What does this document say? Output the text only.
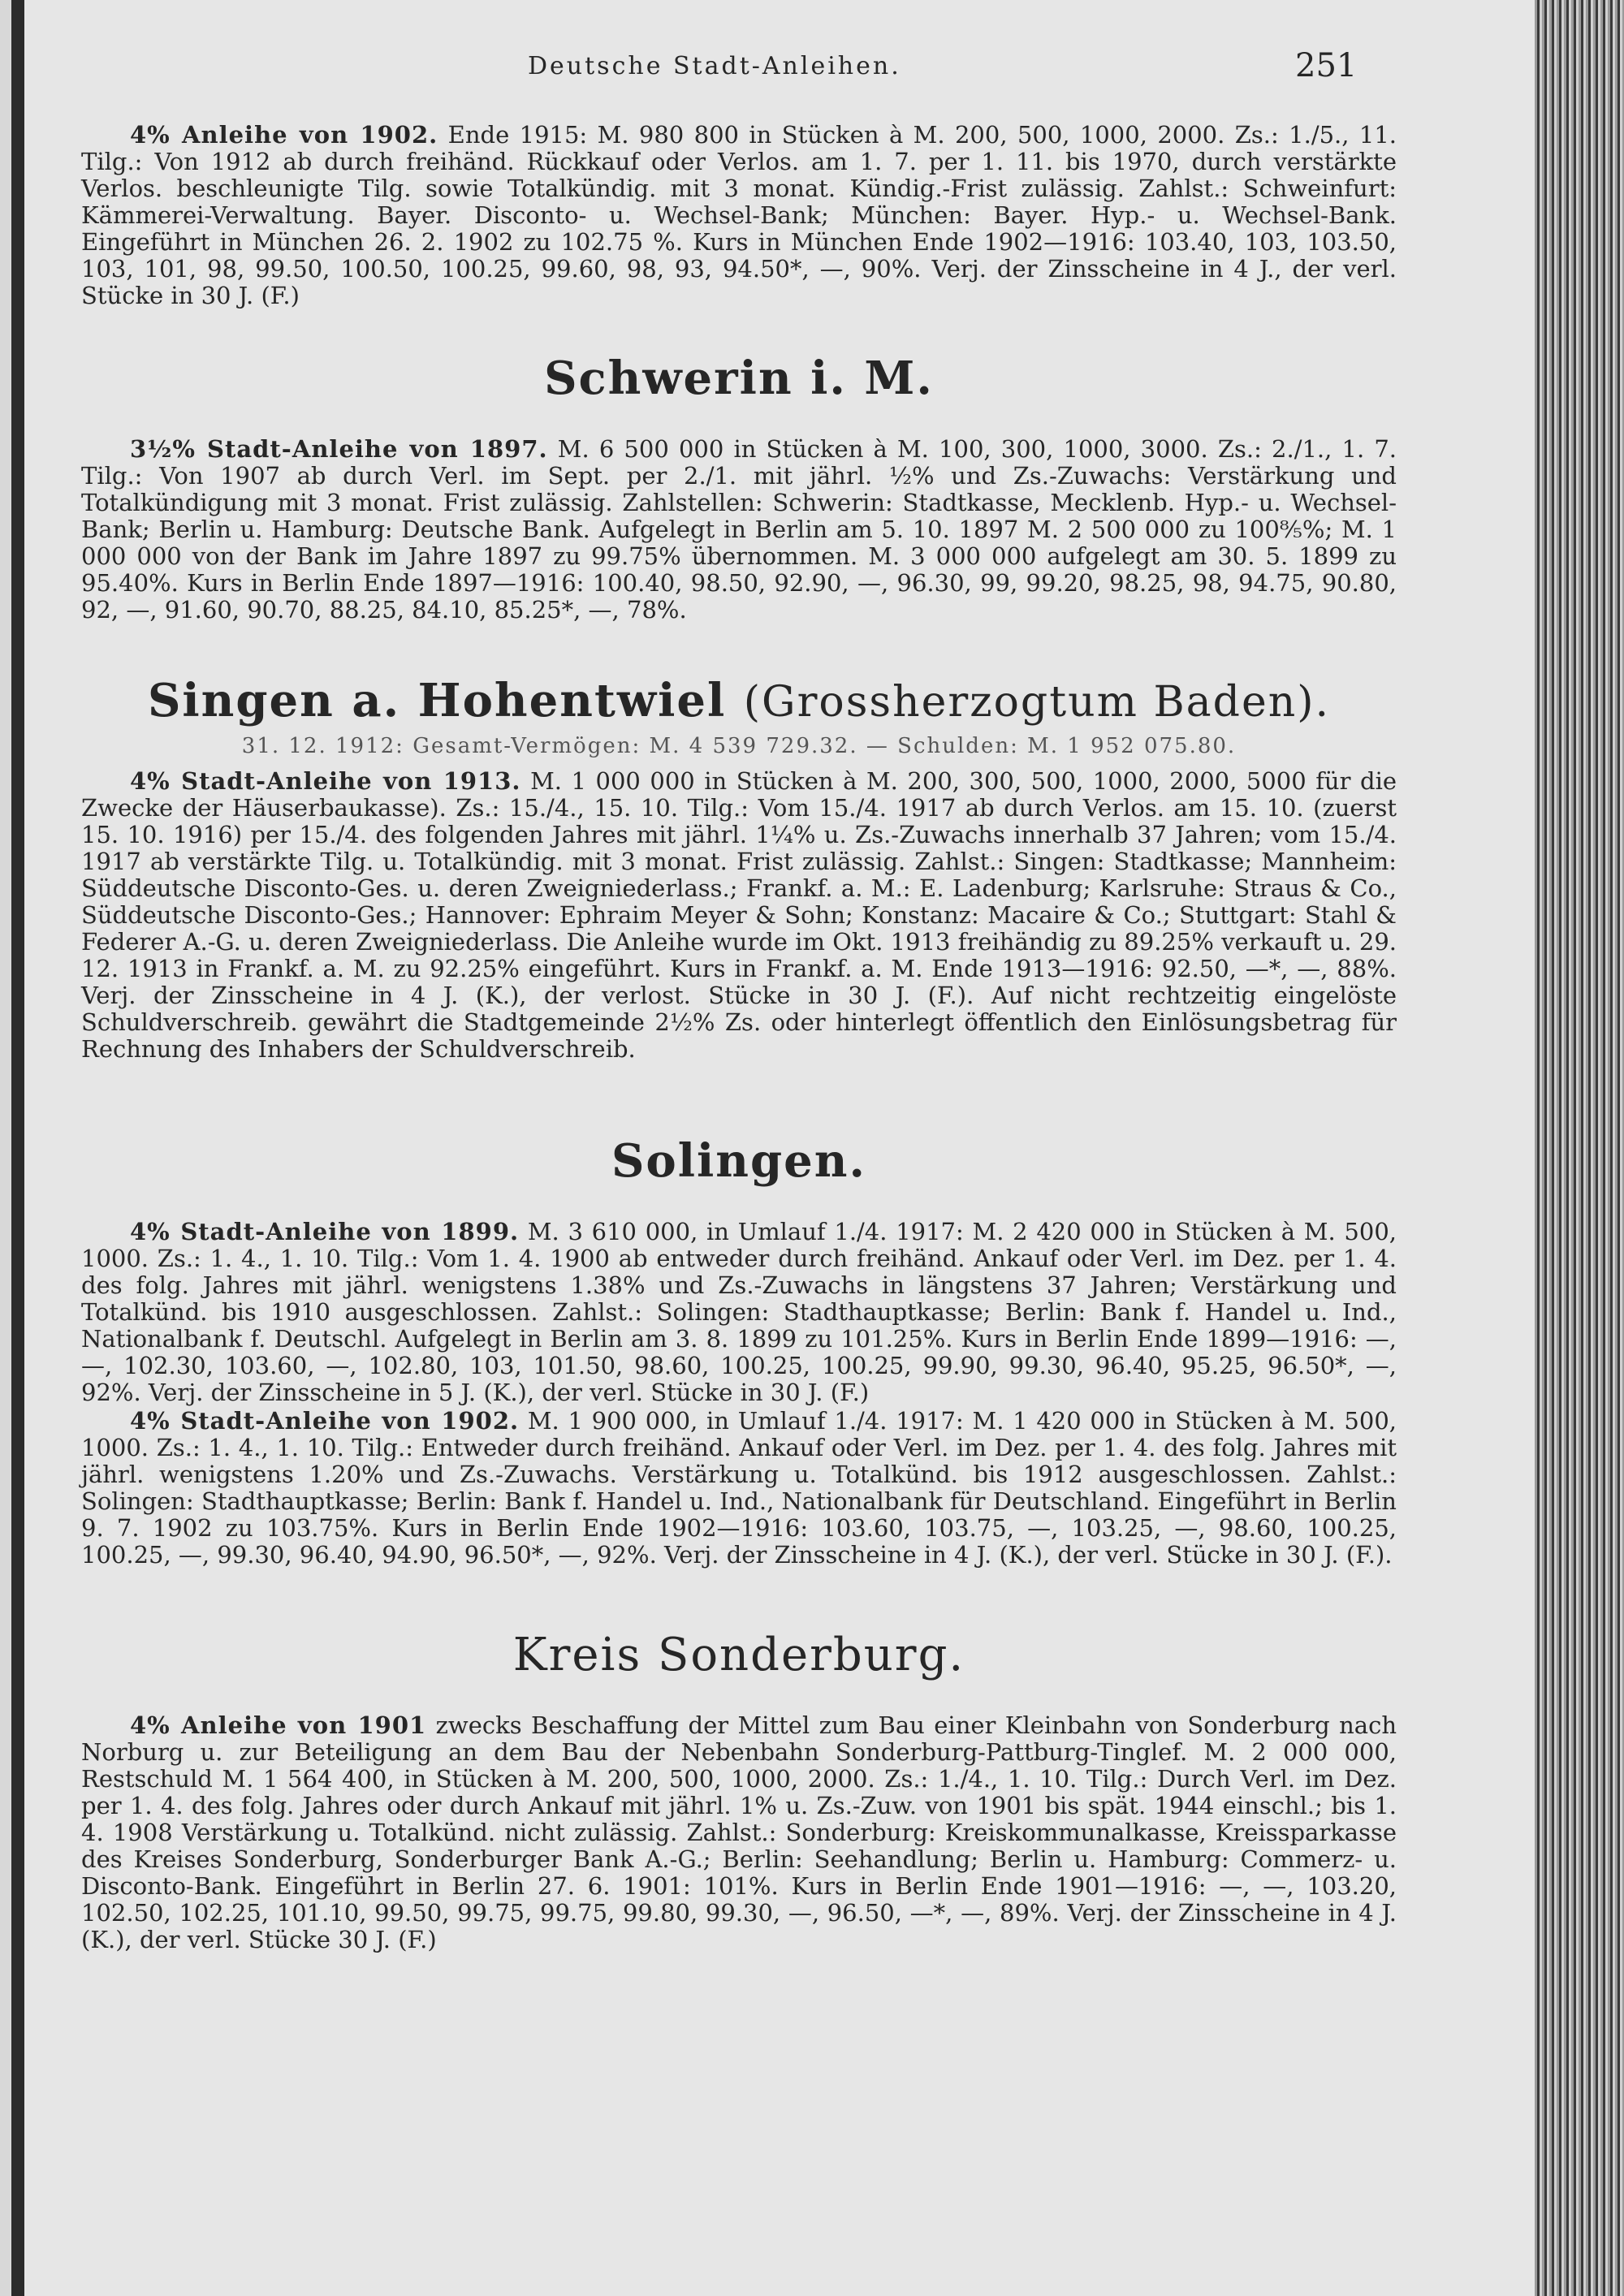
Deutsche Stadt-Anleihen.	251

4% Anleihe von 1902. Ende 1915: M. 980 800 in Stücken à M. 200, 500, 1000, 2000. Zs.: 1./5., 11. Tilg.: Von 1912 ab durch freihänd. Rückkauf oder Verlos. am 1. 7. per 1. 11. bis 1970, durch verstärkte Verlos. beschleunigte Tilg. sowie Totalkündig. mit 3 monat. Kündig.-Frist zulässig. Zahlst.: Schweinfurt: Kämmerei-Verwaltung. Bayer. Disconto- u. Wechsel-Bank; München: Bayer. Hyp.- u. Wechsel-Bank. Eingeführt in München 26. 2. 1902 zu 102.75 %. Kurs in München Ende 1902—1916: 103.40, 103, 103.50, 103, 101, 98, 99.50, 100.50, 100.25, 99.60, 98, 93, 94.50*, —, 90%. Verj. der Zinsscheine in 4 J., der verl. Stücke in 30 J. (F.)

Schwerin i. M.

3½% Stadt-Anleihe von 1897. M. 6 500 000 in Stücken à M. 100, 300, 1000, 3000. Zs.: 2./1., 1. 7. Tilg.: Von 1907 ab durch Verl. im Sept. per 2./1. mit jährl. ½% und Zs.-Zuwachs: Verstärkung und Totalkündigung mit 3 monat. Frist zulässig. Zahlstellen: Schwerin: Stadtkasse, Mecklenb. Hyp.- u. Wechsel-Bank; Berlin u. Hamburg: Deutsche Bank. Aufgelegt in Berlin am 5. 10. 1897 M. 2 500 000 zu 100⁸⁄₅%; M. 1 000 000 von der Bank im Jahre 1897 zu 99.75% übernommen. M. 3 000 000 aufgelegt am 30. 5. 1899 zu 95.40%. Kurs in Berlin Ende 1897—1916: 100.40, 98.50, 92.90, —, 96.30, 99, 99.20, 98.25, 98, 94.75, 90.80, 92, —, 91.60, 90.70, 88.25, 84.10, 85.25*, —, 78%.

Singen a. Hohentwiel (Grossherzogtum Baden).
31. 12. 1912: Gesamt-Vermögen: M. 4 539 729.32. — Schulden: M. 1 952 075.80.

4% Stadt-Anleihe von 1913. M. 1 000 000 in Stücken à M. 200, 300, 500, 1000, 2000, 5000 für die Zwecke der Häuserbaukasse). Zs.: 15./4., 15. 10. Tilg.: Vom 15./4. 1917 ab durch Verlos. am 15. 10. (zuerst 15. 10. 1916) per 15./4. des folgenden Jahres mit jährl. 1¼% u. Zs.-Zuwachs innerhalb 37 Jahren; vom 15./4. 1917 ab verstärkte Tilg. u. Totalkündig. mit 3 monat. Frist zulässig. Zahlst.: Singen: Stadtkasse; Mannheim: Süddeutsche Disconto-Ges. u. deren Zweigniederlass.; Frankf. a. M.: E. Ladenburg; Karlsruhe: Straus & Co., Süddeutsche Disconto-Ges.; Hannover: Ephraim Meyer & Sohn; Konstanz: Macaire & Co.; Stuttgart: Stahl & Federer A.-G. u. deren Zweigniederlass. Die Anleihe wurde im Okt. 1913 freihändig zu 89.25% verkauft u. 29. 12. 1913 in Frankf. a. M. zu 92.25% eingeführt. Kurs in Frankf. a. M. Ende 1913—1916: 92.50, —*, —, 88%. Verj. der Zinsscheine in 4 J. (K.), der verlost. Stücke in 30 J. (F.). Auf nicht rechtzeitig eingelöste Schuldverschreib. gewährt die Stadtgemeinde 2½% Zs. oder hinterlegt öffentlich den Einlösungsbetrag für Rechnung des Inhabers der Schuldverschreib.

Solingen.

4% Stadt-Anleihe von 1899. M. 3 610 000, in Umlauf 1./4. 1917: M. 2 420 000 in Stücken à M. 500, 1000. Zs.: 1. 4., 1. 10. Tilg.: Vom 1. 4. 1900 ab entweder durch freihänd. Ankauf oder Verl. im Dez. per 1. 4. des folg. Jahres mit jährl. wenigstens 1.38% und Zs.-Zuwachs in längstens 37 Jahren; Verstärkung und Totalkünd. bis 1910 ausgeschlossen. Zahlst.: Solingen: Stadthauptkasse; Berlin: Bank f. Handel u. Ind., Nationalbank f. Deutschl. Aufgelegt in Berlin am 3. 8. 1899 zu 101.25%. Kurs in Berlin Ende 1899—1916: —, —, 102.30, 103.60, —, 102.80, 103, 101.50, 98.60, 100.25, 100.25, 99.90, 99.30, 96.40, 95.25, 96.50*, —, 92%. Verj. der Zinsscheine in 5 J. (K.), der verl. Stücke in 30 J. (F.)

4% Stadt-Anleihe von 1902. M. 1 900 000, in Umlauf 1./4. 1917: M. 1 420 000 in Stücken à M. 500, 1000. Zs.: 1. 4., 1. 10. Tilg.: Entweder durch freihänd. Ankauf oder Verl. im Dez. per 1. 4. des folg. Jahres mit jährl. wenigstens 1.20% und Zs.-Zuwachs. Verstärkung u. Totalkünd. bis 1912 ausgeschlossen. Zahlst.: Solingen: Stadthauptkasse; Berlin: Bank f. Handel u. Ind., Nationalbank für Deutschland. Eingeführt in Berlin 9. 7. 1902 zu 103.75%. Kurs in Berlin Ende 1902—1916: 103.60, 103.75, —, 103.25, —, 98.60, 100.25, 100.25, —, 99.30, 96.40, 94.90, 96.50*, —, 92%. Verj. der Zinsscheine in 4 J. (K.), der verl. Stücke in 30 J. (F.).

Kreis Sonderburg.

4% Anleihe von 1901 zwecks Beschaffung der Mittel zum Bau einer Kleinbahn von Sonderburg nach Norburg u. zur Beteiligung an dem Bau der Nebenbahn Sonderburg-Pattburg-Tinglef. M. 2 000 000, Restschuld M. 1 564 400, in Stücken à M. 200, 500, 1000, 2000. Zs.: 1./4., 1. 10. Tilg.: Durch Verl. im Dez. per 1. 4. des folg. Jahres oder durch Ankauf mit jährl. 1% u. Zs.-Zuw. von 1901 bis spät. 1944 einschl.; bis 1. 4. 1908 Verstärkung u. Totalkünd. nicht zulässig. Zahlst.: Sonderburg: Kreiskommunalkasse, Kreissparkasse des Kreises Sonderburg, Sonderburger Bank A.-G.; Berlin: Seehandlung; Berlin u. Hamburg: Commerz- u. Disconto-Bank. Eingeführt in Berlin 27. 6. 1901: 101%. Kurs in Berlin Ende 1901—1916: —, —, 103.20, 102.50, 102.25, 101.10, 99.50, 99.75, 99.75, 99.80, 99.30, —, 96.50, —*, —, 89%. Verj. der Zinsscheine in 4 J. (K.), der verl. Stücke 30 J. (F.)
